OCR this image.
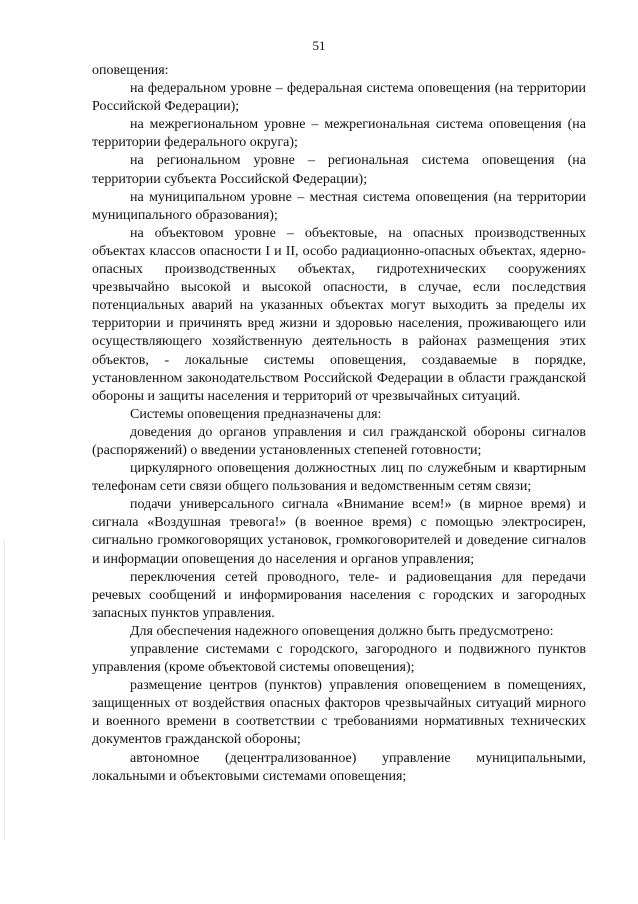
51

оповещения:

на федеральном уровне – федеральная система оповещения (на территории Российской Федерации);

на межрегиональном уровне – межрегиональная система оповещения (на территории федерального округа);

на региональном уровне – региональная система оповещения (на территории субъекта Российской Федерации);

на муниципальном уровне – местная система оповещения (на территории муниципального образования);

на объектовом уровне – объектовые, на опасных производственных объектах классов опасности I и II, особо радиационно-опасных объектах, ядерно-опасных производственных объектах, гидротехнических сооружениях чрезвычайно высокой и высокой опасности, в случае, если последствия потенциальных аварий на указанных объектах могут выходить за пределы их территории и причинять вред жизни и здоровью населения, проживающего или осуществляющего хозяйственную деятельность в районах размещения этих объектов, - локальные системы оповещения, создаваемые в порядке, установленном законодательством Российской Федерации в области гражданской обороны и защиты населения и территорий от чрезвычайных ситуаций.

Системы оповещения предназначены для:

доведения до органов управления и сил гражданской обороны сигналов (распоряжений) о введении установленных степеней готовности;

циркулярного оповещения должностных лиц по служебным и квартирным телефонам сети связи общего пользования и ведомственным сетям связи;

подачи универсального сигнала «Внимание всем!» (в мирное время) и сигнала «Воздушная тревога!» (в военное время) с помощью электросирен, сигнально громкоговорящих установок, громкоговорителей и доведение сигналов и информации оповещения до населения и органов управления;

переключения сетей проводного, теле- и радиовещания для передачи речевых сообщений и информирования населения с городских и загородных запасных пунктов управления.

Для обеспечения надежного оповещения должно быть предусмотрено:

управление системами с городского, загородного и подвижного пунктов управления (кроме объектовой системы оповещения);

размещение центров (пунктов) управления оповещением в помещениях, защищенных от воздействия опасных факторов чрезвычайных ситуаций мирного и военного времени в соответствии с требованиями нормативных технических документов гражданской обороны;

автономное (децентрализованное) управление муниципальными, локальными и объектовыми системами оповещения;
